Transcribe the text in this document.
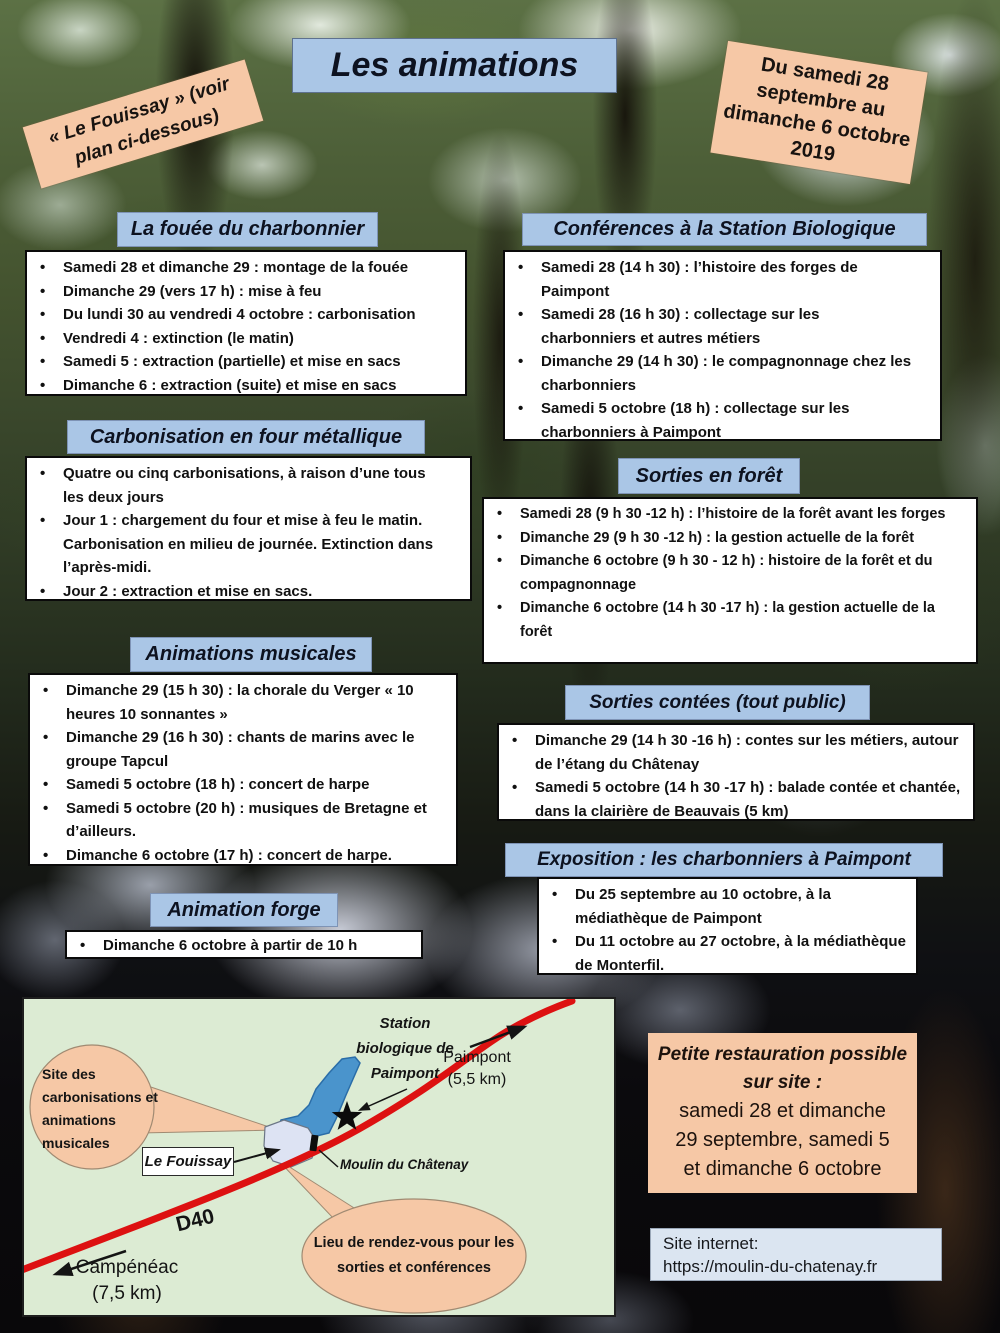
Les animations
« Le Fouissay » (voir plan ci-dessous)
Du samedi 28 septembre au dimanche 6 octobre 2019
La fouée du charbonnier
• Samedi 28 et dimanche 29 : montage de la fouée
• Dimanche 29 (vers 17 h) : mise à feu
• Du lundi 30 au vendredi 4 octobre : carbonisation
• Vendredi 4 : extinction (le matin)
• Samedi 5 : extraction (partielle) et mise en sacs
• Dimanche 6 : extraction (suite) et mise en sacs
Carbonisation en four métallique
• Quatre ou cinq carbonisations, à raison d’une tous les deux jours
• Jour 1 : chargement du four et mise à feu le matin. Carbonisation en milieu de journée. Extinction dans l’après-midi.
• Jour 2 : extraction et mise en sacs.
Animations musicales
• Dimanche 29 (15 h 30) : la chorale du Verger « 10 heures 10 sonnantes »
• Dimanche 29 (16 h 30) : chants de marins avec le groupe Tapcul
• Samedi 5 octobre (18 h) : concert de harpe
• Samedi 5 octobre (20 h) : musiques de Bretagne et d’ailleurs.
• Dimanche 6 octobre (17 h) : concert de harpe.
Animation forge
• Dimanche 6 octobre à partir de 10 h
Conférences à la Station Biologique
• Samedi 28 (14 h 30) : l’histoire des forges de Paimpont
• Samedi 28 (16 h 30) : collectage sur les charbonniers et autres métiers
• Dimanche 29 (14 h 30) : le compagnonnage chez les charbonniers
• Samedi 5 octobre (18 h) : collectage sur les charbonniers à Paimpont
Sorties en forêt
• Samedi 28 (9 h 30 -12 h) : l’histoire de la forêt avant les forges
• Dimanche 29 (9 h 30 -12 h) : la gestion actuelle de la forêt
• Dimanche 6 octobre (9 h 30 - 12 h) : histoire de la forêt et du compagnonnage
• Dimanche 6 octobre (14 h 30 -17 h) : la gestion actuelle de la forêt
Sorties contées (tout public)
• Dimanche 29 (14 h 30 -16 h) : contes sur les métiers, autour de l’étang du Châtenay
• Samedi 5 octobre (14 h 30 -17 h) : balade contée et chantée, dans la clairière de Beauvais (5 km)
Exposition : les charbonniers à Paimpont
• Du 25 septembre au 10 octobre, à la médiathèque de Paimpont
• Du 11 octobre au 27 octobre, à la médiathèque de Monterfil.
Station biologique de Paimpont
Paimpont (5,5 km)
Le Fouissay	Moulin du Châtenay
D40
Campénéac (7,5 km)
Site des carbonisations et animations musicales
Lieu de rendez-vous pour les sorties et conférences
Petite restauration possible sur site :
samedi 28 et dimanche 29 septembre, samedi 5 et dimanche 6 octobre
Site internet:
https://moulin-du-chatenay.fr
